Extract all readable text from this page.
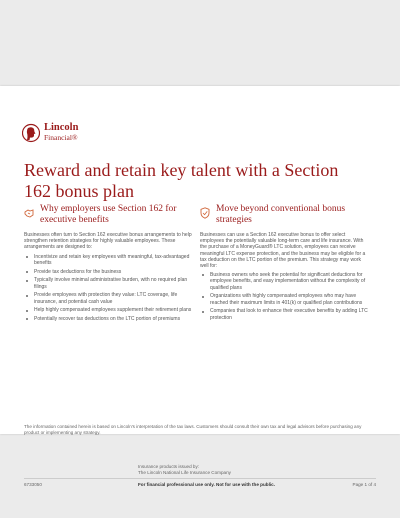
Lincoln
Financial®
Reward and retain key talent with a Section 162 bonus plan
Why employers use Section 162 for executive benefits

Businesses often turn to Section 162 executive bonus arrangements to help strengthen retention strategies for highly valuable employees. These arrangements are designed to:

Incentivize and retain key employees with meaningful, tax-advantaged benefits
Provide tax deductions for the business
Typically involve minimal administrative burden, with no required plan filings
Provide employees with protection they value: LTC coverage, life insurance, and potential cash value
Help highly compensated employees supplement their retirement plans
Potentially recover tax deductions on the LTC portion of premiums
Move beyond conventional bonus strategies

Businesses can use a Section 162 executive bonus to offer select employees the potentially valuable long-term care and life insurance. With the purchase of a MoneyGuard® LTC solution, employees can receive meaningful LTC expense protection, and the business may be eligible for a tax deduction on the LTC portion of the premium. This strategy may work well for:

Business owners who seek the potential for significant deductions for employee benefits, and easy implementation without the complexity of qualified plans
Organizations with highly compensated employees who may have reached their maximum limits in 401(k) or qualified plan contributions
Companies that look to enhance their executive benefits by adding LTC protection

The information contained herein is based on Lincoln's interpretation of the tax laws. Customers should consult their own tax and legal advisors before purchasing any product or implementing any strategy.

Insurance products issued by:
The Lincoln National Life Insurance Company
6733050	For financial professional use only. Not for use with the public.	Page 1 of 4
